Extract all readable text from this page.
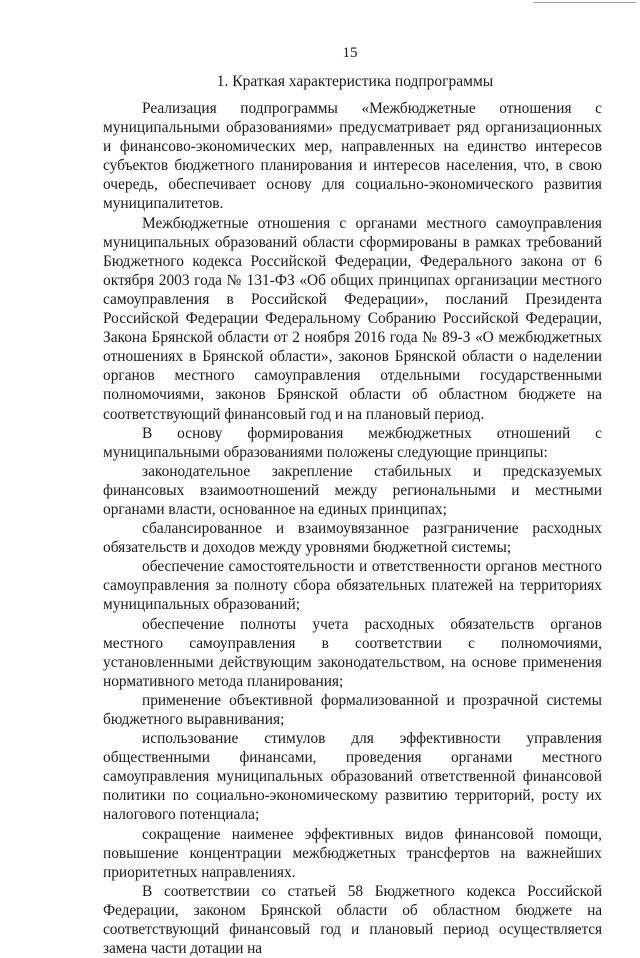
15
1. Краткая характеристика подпрограммы

Реализация подпрограммы «Межбюджетные отношения с муниципальными образованиями» предусматривает ряд организационных и финансово-экономических мер, направленных на единство интересов субъектов бюджетного планирования и интересов населения, что, в свою очередь, обеспечивает основу для социально-экономического развития муниципалитетов.

Межбюджетные отношения с органами местного самоуправления муниципальных образований области сформированы в рамках требований Бюджетного кодекса Российской Федерации, Федерального закона от 6 октября 2003 года № 131-ФЗ «Об общих принципах организации местного самоуправления в Российской Федерации», посланий Президента Российской Федерации Федеральному Собранию Российской Федерации, Закона Брянской области от 2 ноября 2016 года № 89-З «О межбюджетных отношениях в Брянской области», законов Брянской области о наделении органов местного самоуправления отдельными государственными полномочиями, законов Брянской области об областном бюджете на соответствующий финансовый год и на плановый период.

В основу формирования межбюджетных отношений с муниципальными образованиями положены следующие принципы:

законодательное закрепление стабильных и предсказуемых финансовых взаимоотношений между региональными и местными органами власти, основанное на единых принципах;

сбалансированное и взаимоувязанное разграничение расходных обязательств и доходов между уровнями бюджетной системы;

обеспечение самостоятельности и ответственности органов местного самоуправления за полноту сбора обязательных платежей на территориях муниципальных образований;

обеспечение полноты учета расходных обязательств органов местного самоуправления в соответствии с полномочиями, установленными действующим законодательством, на основе применения нормативного метода планирования;

применение объективной формализованной и прозрачной системы бюджетного выравнивания;

использование стимулов для эффективности управления общественными финансами, проведения органами местного самоуправления муниципальных образований ответственной финансовой политики по социально-экономическому развитию территорий, росту их налогового потенциала;

сокращение наименее эффективных видов финансовой помощи, повышение концентрации межбюджетных трансфертов на важнейших приоритетных направлениях.

В соответствии со статьей 58 Бюджетного кодекса Российской Федерации, законом Брянской области об областном бюджете на соответствующий финансовый год и плановый период осуществляется замена части дотации на
